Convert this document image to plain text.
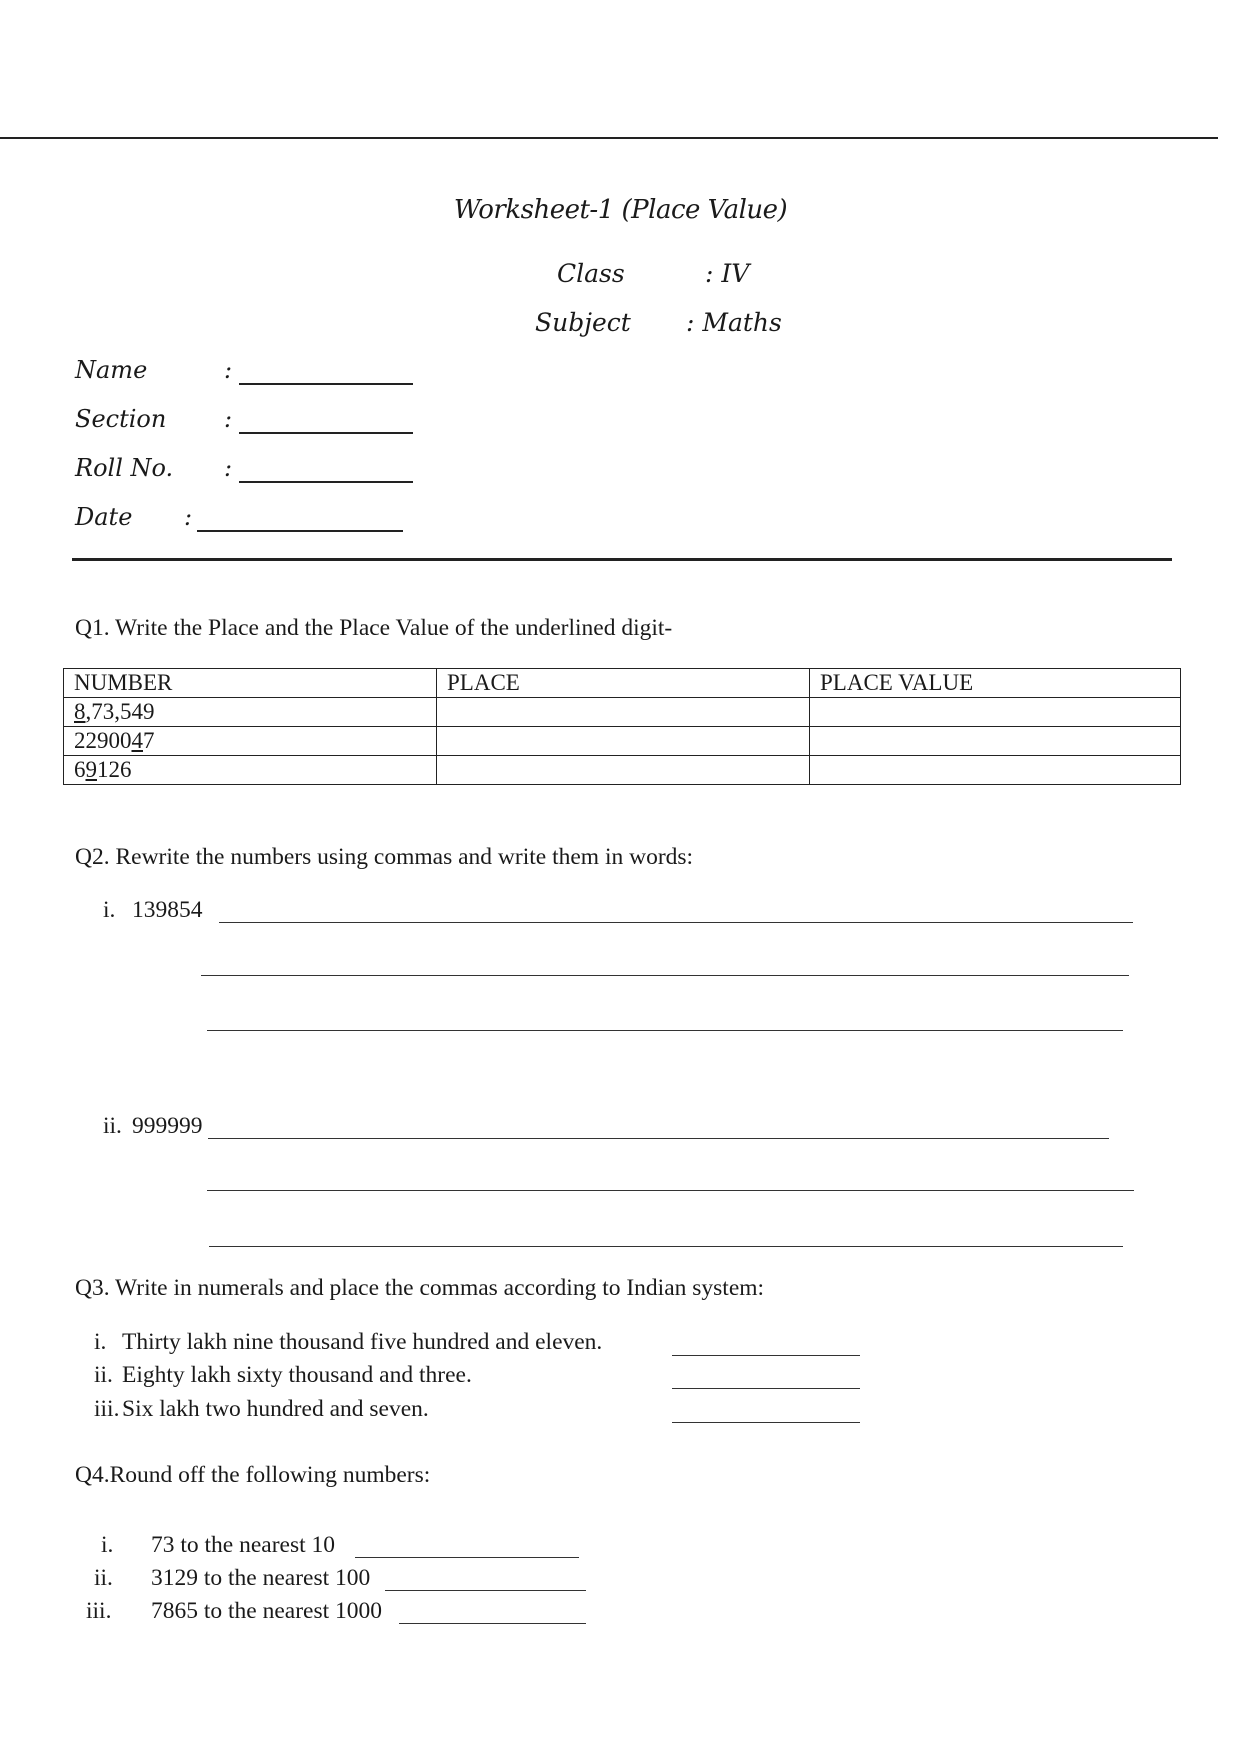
Worksheet-1 (Place Value)
Class	: IV
Subject : Maths
Name	:
Section :
Roll No. :
Date :
Q1. Write the Place and the Place Value of the underlined digit-
NUMBER	PLACE	PLACE VALUE
8,73,549		
2290047		
69126		
Q2. Rewrite the numbers using commas and write them in words:
i. 139854
ii. 999999
Q3. Write in numerals and place the commas according to Indian system:
i. Thirty lakh nine thousand five hundred and eleven.
ii. Eighty lakh sixty thousand and three.
iii. Six lakh two hundred and seven.
Q4.Round off the following numbers:
i. 73 to the nearest 10
ii. 3129 to the nearest 100
iii. 7865 to the nearest 1000
